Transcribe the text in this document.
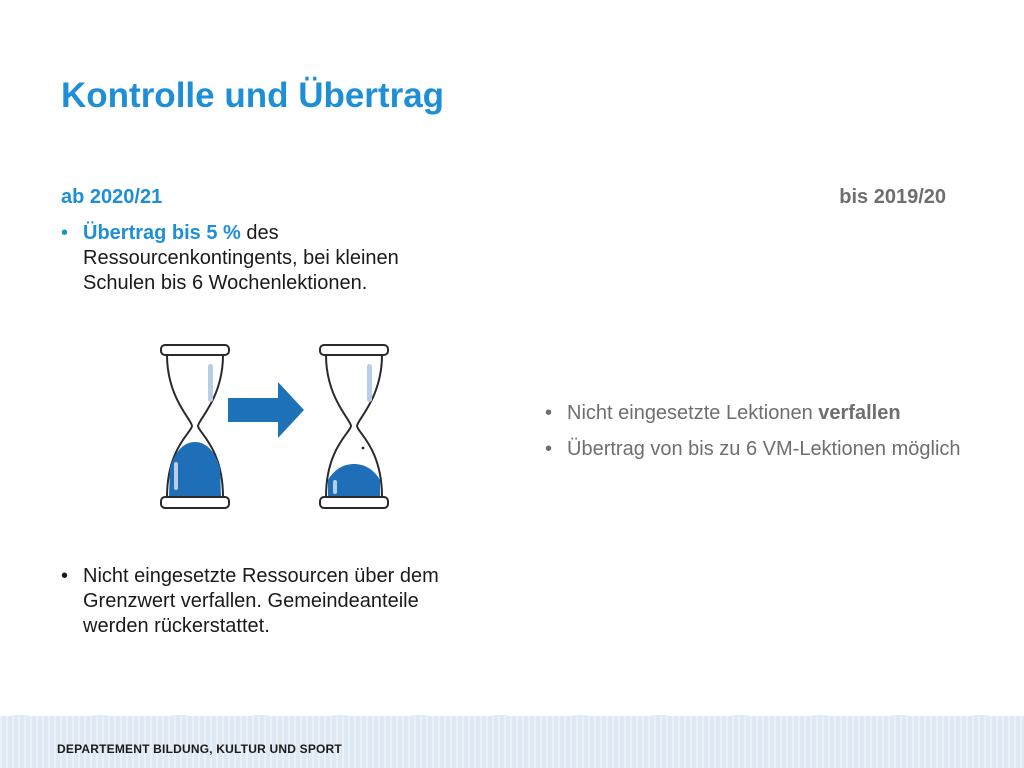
Kontrolle und Übertrag
ab 2020/21	bis 2019/20
• Übertrag bis 5 % des Ressourcenkontingents, bei kleinen Schulen bis 6 Wochenlektionen.
• Nicht eingesetzte Ressourcen über dem Grenzwert verfallen. Gemeindeanteile werden rückerstattet.
• Nicht eingesetzte Lektionen verfallen
• Übertrag von bis zu 6 VM-Lektionen möglich
DEPARTEMENT BILDUNG, KULTUR UND SPORT
